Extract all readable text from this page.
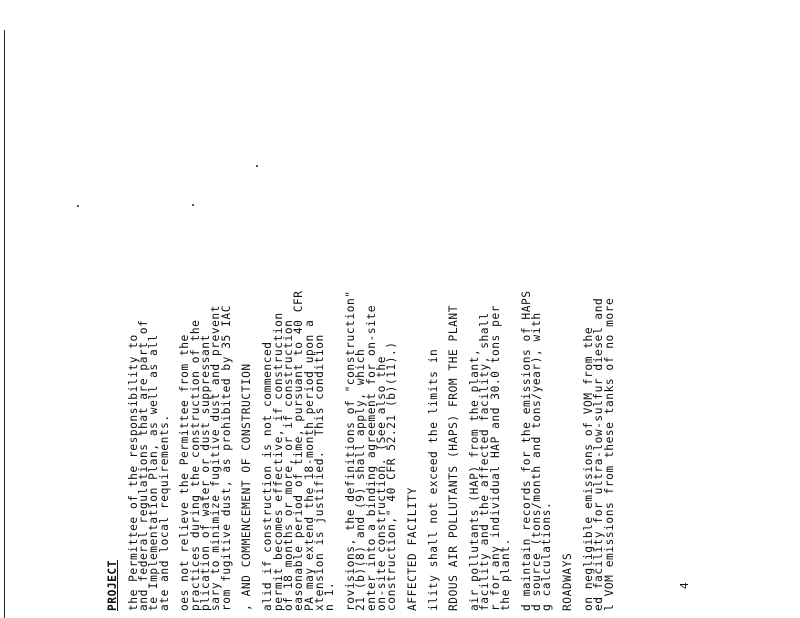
PROJECT the Permittee of the responsibility to
and federal regulations that are part of
te Implementation Plan, as well as all
ate and local requirements. oes not relieve the Permittee from the
practices during the construction of the
plication of water or dust suppressant
sary to minimize fugitive dust and prevent
rom fugitive dust, as prohibited by 35 IAC , AND COMMENCEMENT OF CONSTRUCTION alid if construction is not commenced
permit becomes effective, if construction
of 18 months or more, or if construction
easonable period of time, pursuant to 40 CFR
PA may extend the 18-month period upon a
xtension is justified.  This condition
n 1. rovisions, the definitions of "construction"
21 (b)(8) and (9) shall apply, which
enter into a binding agreement for on-site
on-site construction. (See also the
construction," 40 CFR 52.21 (b)(11).) AFFECTED FACILITY ility shall not exceed the limits in RDOUS AIR POLLUTANTS (HAPS) FROM THE PLANT air pollutants (HAP) from the plant,
facility and the affected facility, shall
r for any individual HAP and 30.0 tons per
the plant. d maintain records for the emissions of HAPS
d source (tons/month and tons/year), with
g calculations. ROADWAYS on negligible emissions of VOM from the
ed facility for ultra-low-sulfur diesel and
l VOM emissions from these tanks of no more	4
